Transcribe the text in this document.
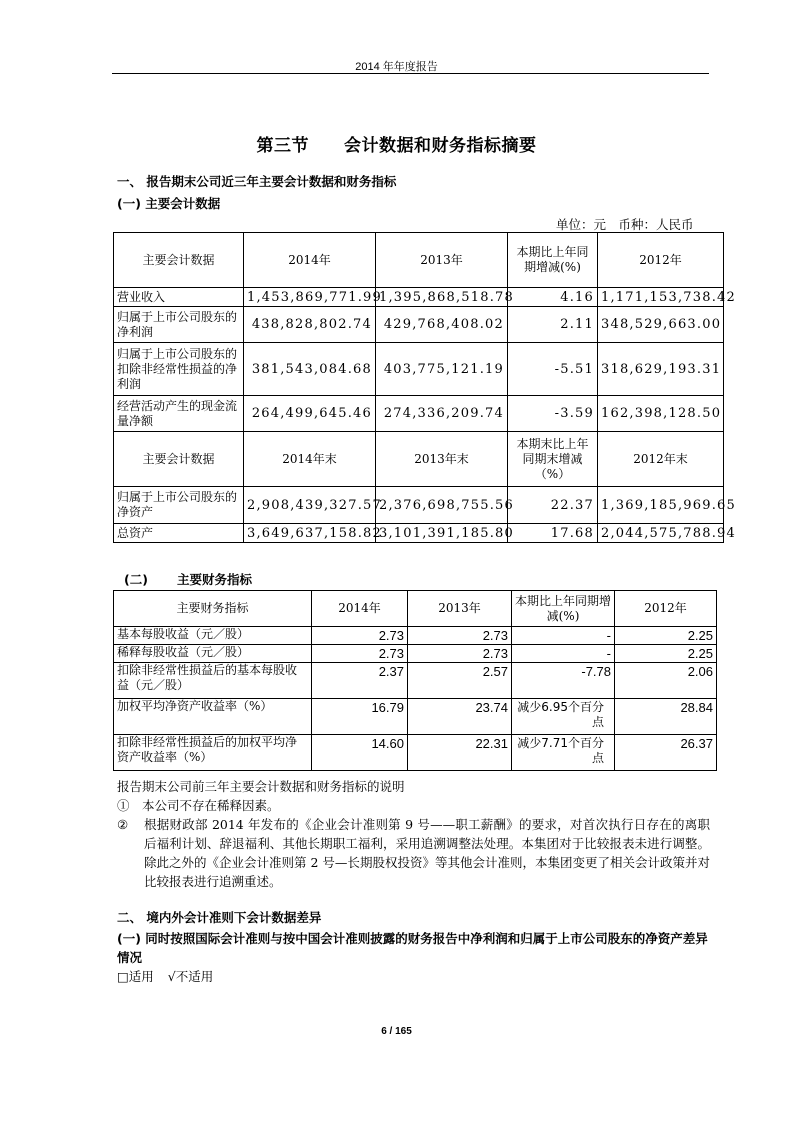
2014 年年度报告
第三节　　会计数据和财务指标摘要
一、 报告期末公司近三年主要会计数据和财务指标
(一) 主要会计数据
单位：元　币种：人民币
主要会计数据	2014年	2013年	本期比上年同期增减(%)	2012年
营业收入	1,453,869,771.99	1,395,868,518.78	4.16	1,171,153,738.42
归属于上市公司股东的净利润	438,828,802.74	429,768,408.02	2.11	348,529,663.00
归属于上市公司股东的扣除非经常性损益的净利润	381,543,084.68	403,775,121.19	-5.51	318,629,193.31
经营活动产生的现金流量净额	264,499,645.46	274,336,209.74	-3.59	162,398,128.50
主要会计数据	2014年末	2013年末	本期末比上年同期末增减（%）	2012年末
归属于上市公司股东的净资产	2,908,439,327.57	2,376,698,755.56	22.37	1,369,185,969.65
总资产	3,649,637,158.82	3,101,391,185.80	17.68	2,044,575,788.94
(二) 主要财务指标
主要财务指标	2014年	2013年	本期比上年同期增减(%)	2012年
基本每股收益（元／股）	2.73	2.73	-	2.25
稀释每股收益（元／股）	2.73	2.73	-	2.25
扣除非经常性损益后的基本每股收益（元／股）	2.37	2.57	-7.78	2.06
加权平均净资产收益率（%）	16.79	23.74	减少6.95个百分点	28.84
扣除非经常性损益后的加权平均净资产收益率（%）	14.60	22.31	减少7.71个百分点	26.37
报告期末公司前三年主要会计数据和财务指标的说明
①　本公司不存在稀释因素。
② 根据财政部 2014 年发布的《企业会计准则第 9 号——职工薪酬》的要求，对首次执行日存在的离职后福利计划、辞退福利、其他长期职工福利，采用追溯调整法处理。本集团对于比较报表未进行调整。除此之外的《企业会计准则第 2 号—长期股权投资》等其他会计准则，本集团变更了相关会计政策并对比较报表进行追溯重述。
二、 境内外会计准则下会计数据差异
(一) 同时按照国际会计准则与按中国会计准则披露的财务报告中净利润和归属于上市公司股东的净资产差异情况
□适用 √不适用
6 / 165
